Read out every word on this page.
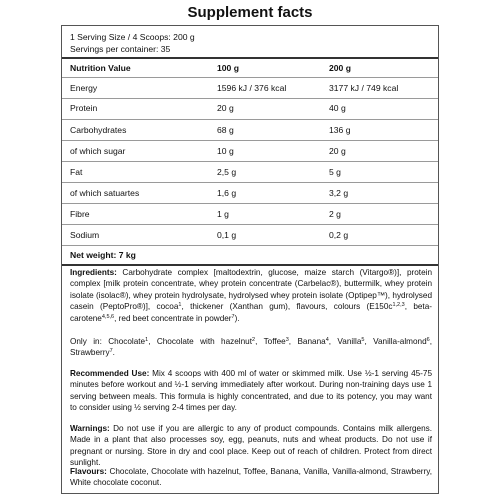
Supplement facts
1 Serving Size / 4 Scoops: 200 g
Servings per container: 35
Nutrition Value	100 g	200 g
Energy	1596 kJ / 376 kcal	3177 kJ / 749 kcal
Protein	20 g	40 g
Carbohydrates	68 g	136 g
of which sugar	10 g	20 g
Fat	2,5 g	5 g
of which satuartes	1,6 g	3,2 g
Fibre	1 g	2 g
Sodium	0,1 g	0,2 g
Net weight: 7 kg
Ingredients: Carbohydrate complex [maltodextrin, glucose, maize starch (Vitargo®)], protein complex [milk protein concentrate, whey protein concentrate (Carbelac®), buttermilk, whey protein isolate (isolac®), whey protein hydrolysate, hydrolysed whey protein isolate (Optipep™), hydrolysed casein (PeptoPro®)], cocoa$^1$, thickener (Xanthan gum), flavours, colours ($E150c^{1,2,3}$, beta-carotene$^{4,5,6}$, red beet concentrate in powder$^7$).
Only in: Chocolate$^1$, Chocolate with hazelnut$^2$, Toffee$^3$, Banana$^4$, Vanilla$^5$, Vanilla-almond$^6$, Strawberry$^7$.
Recommended Use: Mix 4 scoops with 400 ml of water or skimmed milk. Use ½-1 serving 45-75 minutes before workout and ½-1 serving immediately after workout. During non-training days use 1 serving between meals. This formula is highly concentrated, and due to its potency, you may want to consider using ½ serving 2-4 times per day.
Warnings: Do not use if you are allergic to any of product compounds. Contains milk allergens. Made in a plant that also processes soy, egg, peanuts, nuts and wheat products. Do not use if pregnant or nursing. Store in dry and cool place. Keep out of reach of children. Protect from direct sunlight.
Flavours: Chocolate, Chocolate with hazelnut, Toffee, Banana, Vanilla, Vanilla-almond, Strawberry, White chocolate coconut.
